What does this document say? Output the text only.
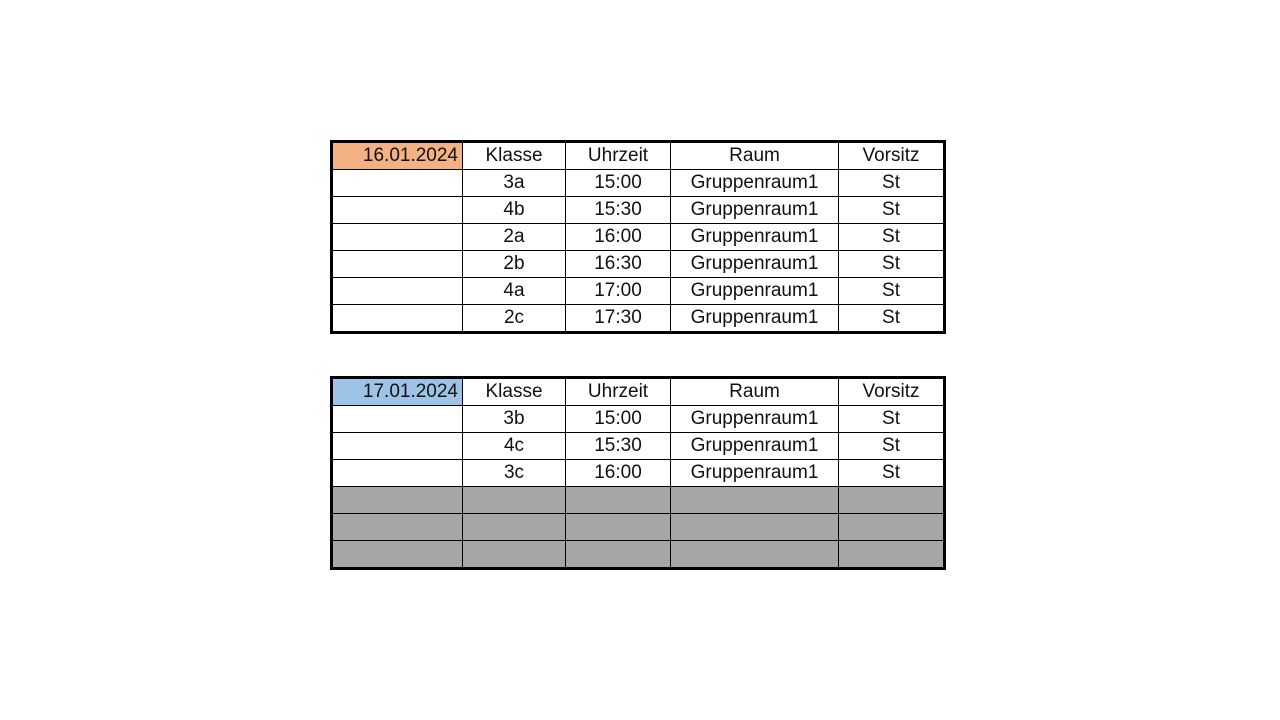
16.01.2024	Klasse	Uhrzeit	Raum	Vorsitz
	3a	15:00	Gruppenraum1	St
	4b	15:30	Gruppenraum1	St
	2a	16:00	Gruppenraum1	St
	2b	16:30	Gruppenraum1	St
	4a	17:00	Gruppenraum1	St
	2c	17:30	Gruppenraum1	St
17.01.2024	Klasse	Uhrzeit	Raum	Vorsitz
	3b	15:00	Gruppenraum1	St
	4c	15:30	Gruppenraum1	St
	3c	16:00	Gruppenraum1	St
